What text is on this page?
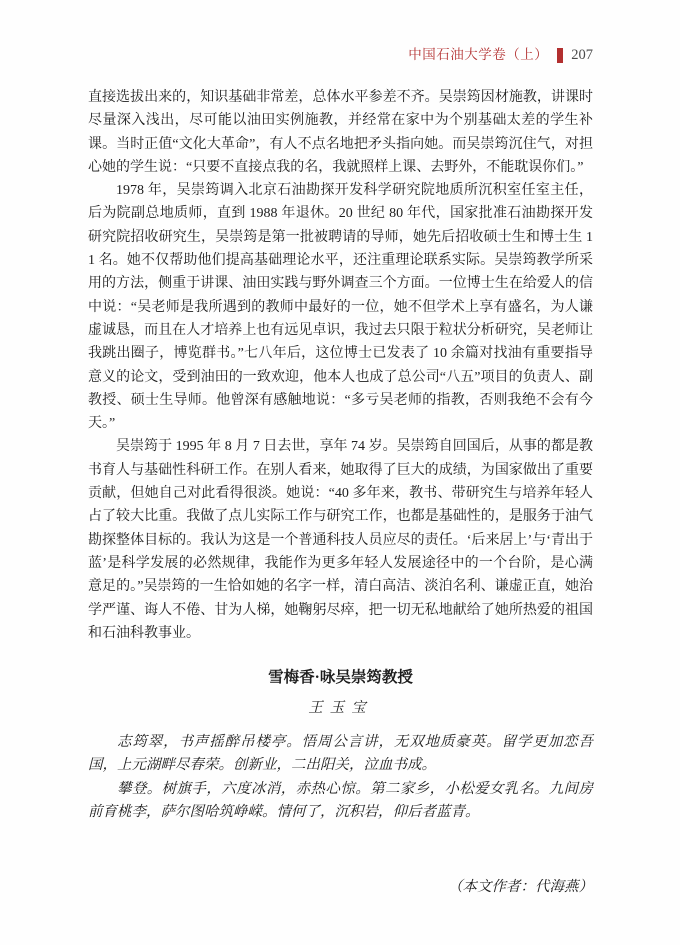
中国石油大学卷（上） 207

直接选拔出来的，知识基础非常差，总体水平参差不齐。吴崇筠因材施教，讲课时尽量深入浅出，尽可能以油田实例施教，并经常在家中为个别基础太差的学生补课。当时正值“文化大革命”，有人不点名地把矛头指向她。而吴崇筠沉住气，对担心她的学生说：“只要不直接点我的名，我就照样上课、去野外，不能耽误你们。”

1978 年，吴崇筠调入北京石油勘探开发科学研究院地质所沉积室任室主任，后为院副总地质师，直到 1988 年退休。20 世纪 80 年代，国家批准石油勘探开发研究院招收研究生，吴崇筠是第一批被聘请的导师，她先后招收硕士生和博士生 11 名。她不仅帮助他们提高基础理论水平，还注重理论联系实际。吴崇筠教学所采用的方法，侧重于讲课、油田实践与野外调查三个方面。一位博士生在给爱人的信中说：“吴老师是我所遇到的教师中最好的一位，她不但学术上享有盛名，为人谦虚诚恳，而且在人才培养上也有远见卓识，我过去只限于粒状分析研究，吴老师让我跳出圈子，博览群书。”七八年后，这位博士已发表了 10 余篇对找油有重要指导意义的论文，受到油田的一致欢迎，他本人也成了总公司“八五”项目的负责人、副教授、硕士生导师。他曾深有感触地说：“多亏吴老师的指教，否则我绝不会有今天。”

吴崇筠于 1995 年 8 月 7 日去世，享年 74 岁。吴崇筠自回国后，从事的都是教书育人与基础性科研工作。在别人看来，她取得了巨大的成绩，为国家做出了重要贡献，但她自己对此看得很淡。她说：“40 多年来，教书、带研究生与培养年轻人占了较大比重。我做了点儿实际工作与研究工作，也都是基础性的，是服务于油气勘探整体目标的。我认为这是一个普通科技人员应尽的责任。‘后来居上’与‘青出于蓝’是科学发展的必然规律，我能作为更多年轻人发展途径中的一个台阶，是心满意足的。”吴崇筠的一生恰如她的名字一样，清白高洁、淡泊名利、谦虚正直，她治学严谨、诲人不倦、甘为人梯，她鞠躬尽瘁，把一切无私地献给了她所热爱的祖国和石油科教事业。

雪梅香·咏吴崇筠教授
王玉宝

志筠翠，书声摇醉吊楼亭。悟周公言讲，无双地质豪英。留学更加恋吾国，上元湖畔尽春荣。创新业，二出阳关，泣血书成。

攀登。树旗手，六度冰消，赤热心惊。第二家乡，小松爱女乳名。九间房前育桃李，萨尔图哈筑峥嵘。情何了，沉积岩，仰后者蓝青。

（本文作者：代海燕）
